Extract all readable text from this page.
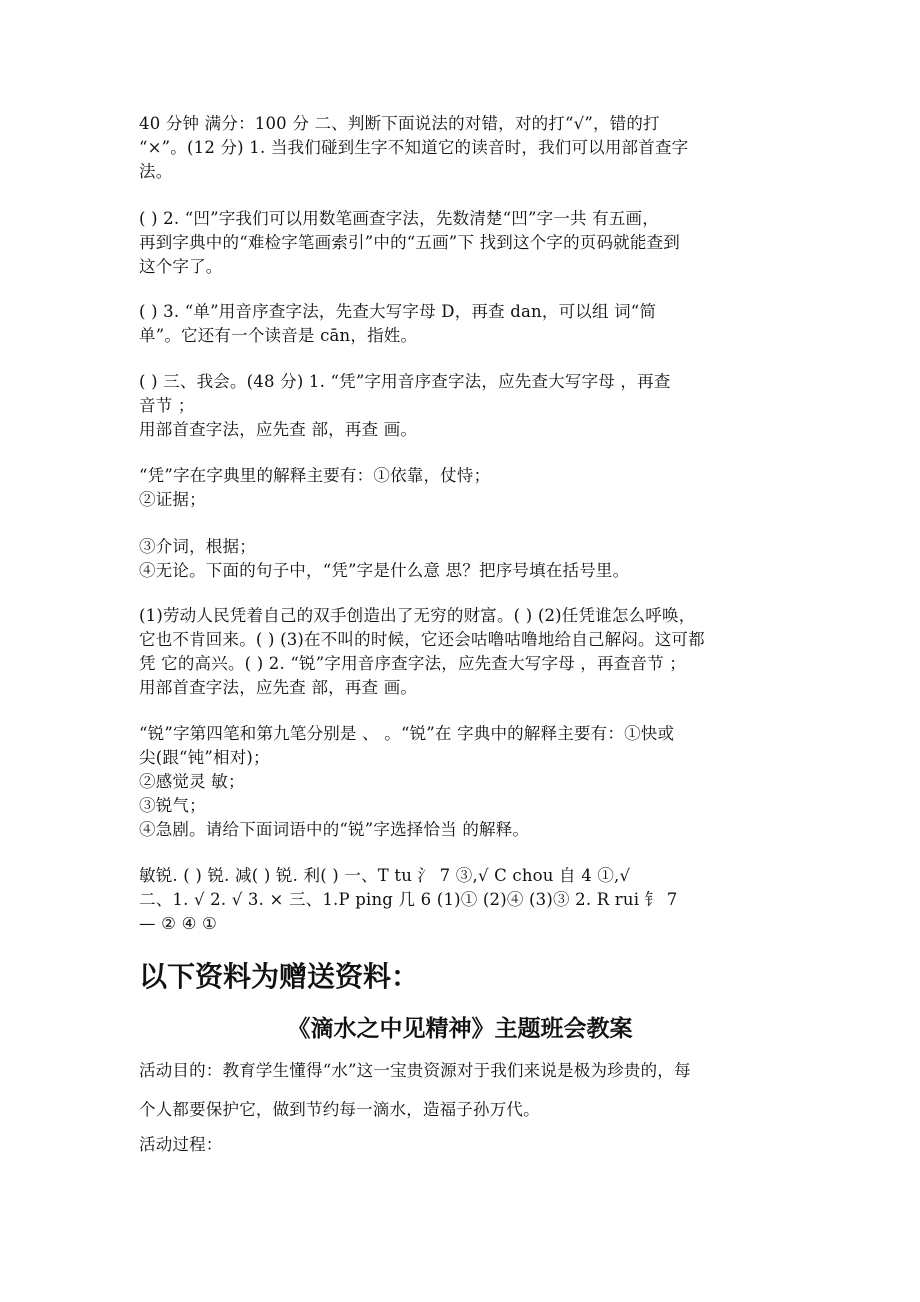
40 分钟 满分：100 分 二、判断下面说法的对错，对的打“√”，错的打
“×”。(12 分) 1. 当我们碰到生字不知道它的读音时，我们可以用部首查字
法。
( ) 2. “凹”字我们可以用数笔画查字法，先数清楚“凹”字一共 有五画，
再到字典中的“难检字笔画索引”中的“五画”下 找到这个字的页码就能查到
这个字了。
( ) 3. “单”用音序查字法，先查大写字母 D，再查 dan，可以组 词“简
单”。它还有一个读音是 cān，指姓。
( ) 三、我会。(48 分) 1. “凭”字用音序查字法，应先查大写字母 ，再查
音节 ；
用部首查字法，应先查 部，再查 画。
“凭”字在字典里的解释主要有：①依靠，仗恃；
②证据；
③介词，根据；
④无论。下面的句子中，“凭”字是什么意 思？把序号填在括号里。
(1)劳动人民凭着自己的双手创造出了无穷的财富。( ) (2)任凭谁怎么呼唤，
它也不肯回来。( ) (3)在不叫的时候，它还会咕噜咕噜地给自己解闷。这可都
凭 它的高兴。( ) 2. “锐”字用音序查字法，应先查大写字母 ，再查音节 ；
用部首查字法，应先查 部，再查 画。
“锐”字第四笔和第九笔分别是 、 。“锐”在 字典中的解释主要有：①快或
尖(跟“钝”相对)；
②感觉灵 敏；
③锐气；
④急剧。请给下面词语中的“锐”字选择恰当 的解释。
敏锐. ( ) 锐. 减( ) 锐. 利( ) 一、T tu 氵 7 ③,√ C chou 自 4 ①,√
二、1. √ 2. √ 3. × 三、1.P ping 几 6 (1)① (2)④ (3)③ 2. R rui 钅 7
— ② ④ ①
以下资料为赠送资料：
《滴水之中见精神》主题班会教案
活动目的：教育学生懂得“水”这一宝贵资源对于我们来说是极为珍贵的，每
个人都要保护它，做到节约每一滴水，造福子孙万代。
活动过程：
